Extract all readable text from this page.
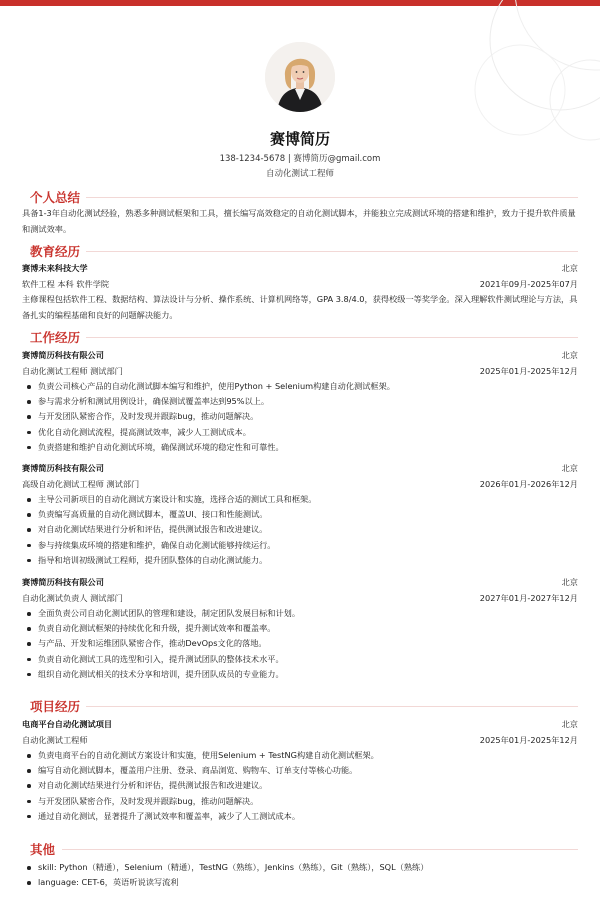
赛博简历
138-1234-5678 | 赛博简历@gmail.com
自动化测试工程师
个人总结
具备1-3年自动化测试经验，熟悉多种测试框架和工具，擅长编写高效稳定的自动化测试脚本，并能独立完成测试环境的搭建和维护，致力于提升软件质量和测试效率。
教育经历
赛博未来科技大学	北京
软件工程 本科 软件学院	2021年09月-2025年07月
主修课程包括软件工程、数据结构、算法设计与分析、操作系统、计算机网络等，GPA 3.8/4.0，获得校级一等奖学金。深入理解软件测试理论与方法，具备扎实的编程基础和良好的问题解决能力。
工作经历
赛博简历科技有限公司	北京
自动化测试工程师 测试部门	2025年01月-2025年12月
负责公司核心产品的自动化测试脚本编写和维护，使用Python + Selenium构建自动化测试框架。
参与需求分析和测试用例设计，确保测试覆盖率达到95%以上。
与开发团队紧密合作，及时发现并跟踪bug，推动问题解决。
优化自动化测试流程，提高测试效率，减少人工测试成本。
负责搭建和维护自动化测试环境，确保测试环境的稳定性和可靠性。
赛博简历科技有限公司	北京
高级自动化测试工程师 测试部门	2026年01月-2026年12月
主导公司新项目的自动化测试方案设计和实施，选择合适的测试工具和框架。
负责编写高质量的自动化测试脚本，覆盖UI、接口和性能测试。
对自动化测试结果进行分析和评估，提供测试报告和改进建议。
参与持续集成环境的搭建和维护，确保自动化测试能够持续运行。
指导和培训初级测试工程师，提升团队整体的自动化测试能力。
赛博简历科技有限公司	北京
自动化测试负责人 测试部门	2027年01月-2027年12月
全面负责公司自动化测试团队的管理和建设，制定团队发展目标和计划。
负责自动化测试框架的持续优化和升级，提升测试效率和覆盖率。
与产品、开发和运维团队紧密合作，推动DevOps文化的落地。
负责自动化测试工具的选型和引入，提升测试团队的整体技术水平。
组织自动化测试相关的技术分享和培训，提升团队成员的专业能力。
项目经历
电商平台自动化测试项目	北京
自动化测试工程师	2025年01月-2025年12月
负责电商平台的自动化测试方案设计和实施，使用Selenium + TestNG构建自动化测试框架。
编写自动化测试脚本，覆盖用户注册、登录、商品浏览、购物车、订单支付等核心功能。
对自动化测试结果进行分析和评估，提供测试报告和改进建议。
与开发团队紧密合作，及时发现并跟踪bug，推动问题解决。
通过自动化测试，显著提升了测试效率和覆盖率，减少了人工测试成本。
其他
skill: Python（精通），Selenium（精通），TestNG（熟练），Jenkins（熟练），Git（熟练），SQL（熟练）
language: CET-6，英语听说读写流利
